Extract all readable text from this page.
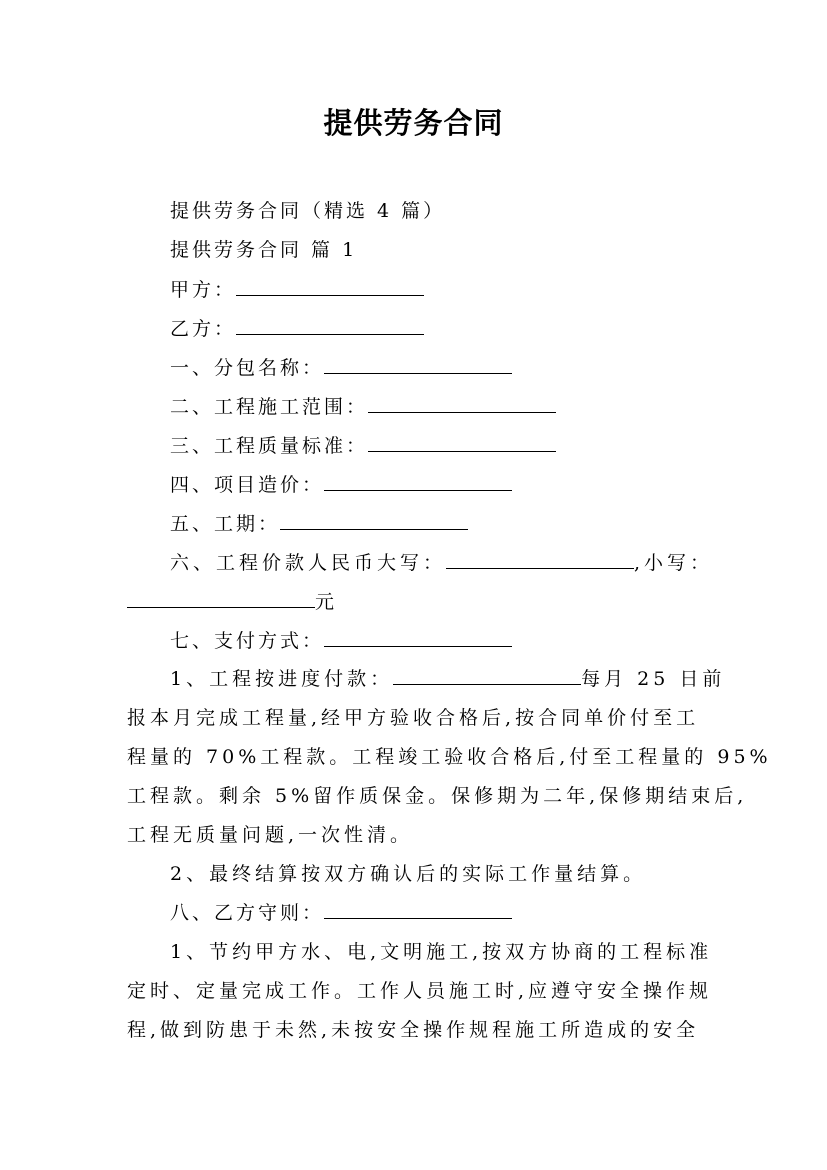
提供劳务合同
提供劳务合同（精选 4 篇）
提供劳务合同 篇 1
甲方：
乙方：
一、分包名称：
二、工程施工范围：
三、工程质量标准：
四、项目造价：
五、工期：
六、工程价款人民币大写：	,小写：
元
七、支付方式：
1、工程按进度付款：	每月 25 日前
报本月完成工程量,经甲方验收合格后,按合同单价付至工
程量的 70%工程款。工程竣工验收合格后,付至工程量的 95%
工程款。剩余 5%留作质保金。保修期为二年,保修期结束后,
工程无质量问题,一次性清。
2、最终结算按双方确认后的实际工作量结算。
八、乙方守则：
1、节约甲方水、电,文明施工,按双方协商的工程标准
定时、定量完成工作。工作人员施工时,应遵守安全操作规
程,做到防患于未然,未按安全操作规程施工所造成的安全
